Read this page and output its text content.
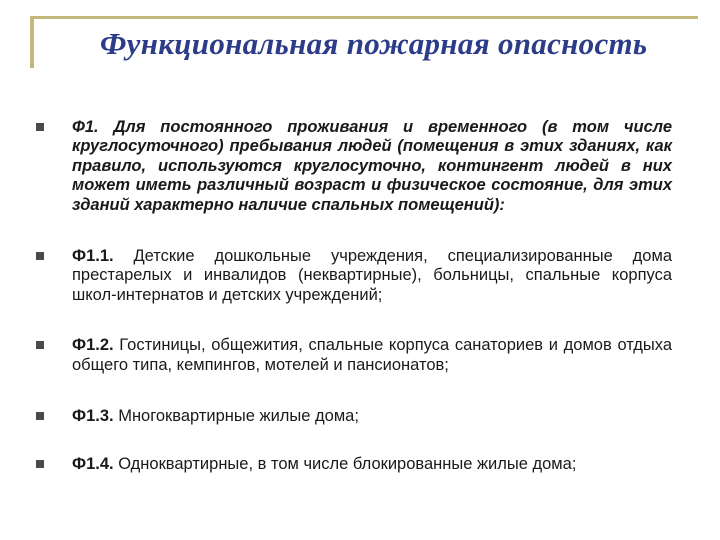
Функциональная пожарная опасность
Ф1. Для постоянного проживания и временного (в том числе круглосуточного) пребывания людей (помещения в этих зданиях, как правило, используются круглосуточно, контингент людей в них может иметь различный возраст и физическое состояние, для этих зданий характерно наличие спальных помещений):
Ф1.1. Детские дошкольные учреждения, специализированные дома престарелых и инвалидов (неквартирные), больницы, спальные корпуса школ-интернатов и детских учреждений;
Ф1.2. Гостиницы, общежития, спальные корпуса санаториев и домов отдыха общего типа, кемпингов, мотелей и пансионатов;
Ф1.3. Многоквартирные жилые дома;
Ф1.4. Одноквартирные, в том числе блокированные жилые дома;
